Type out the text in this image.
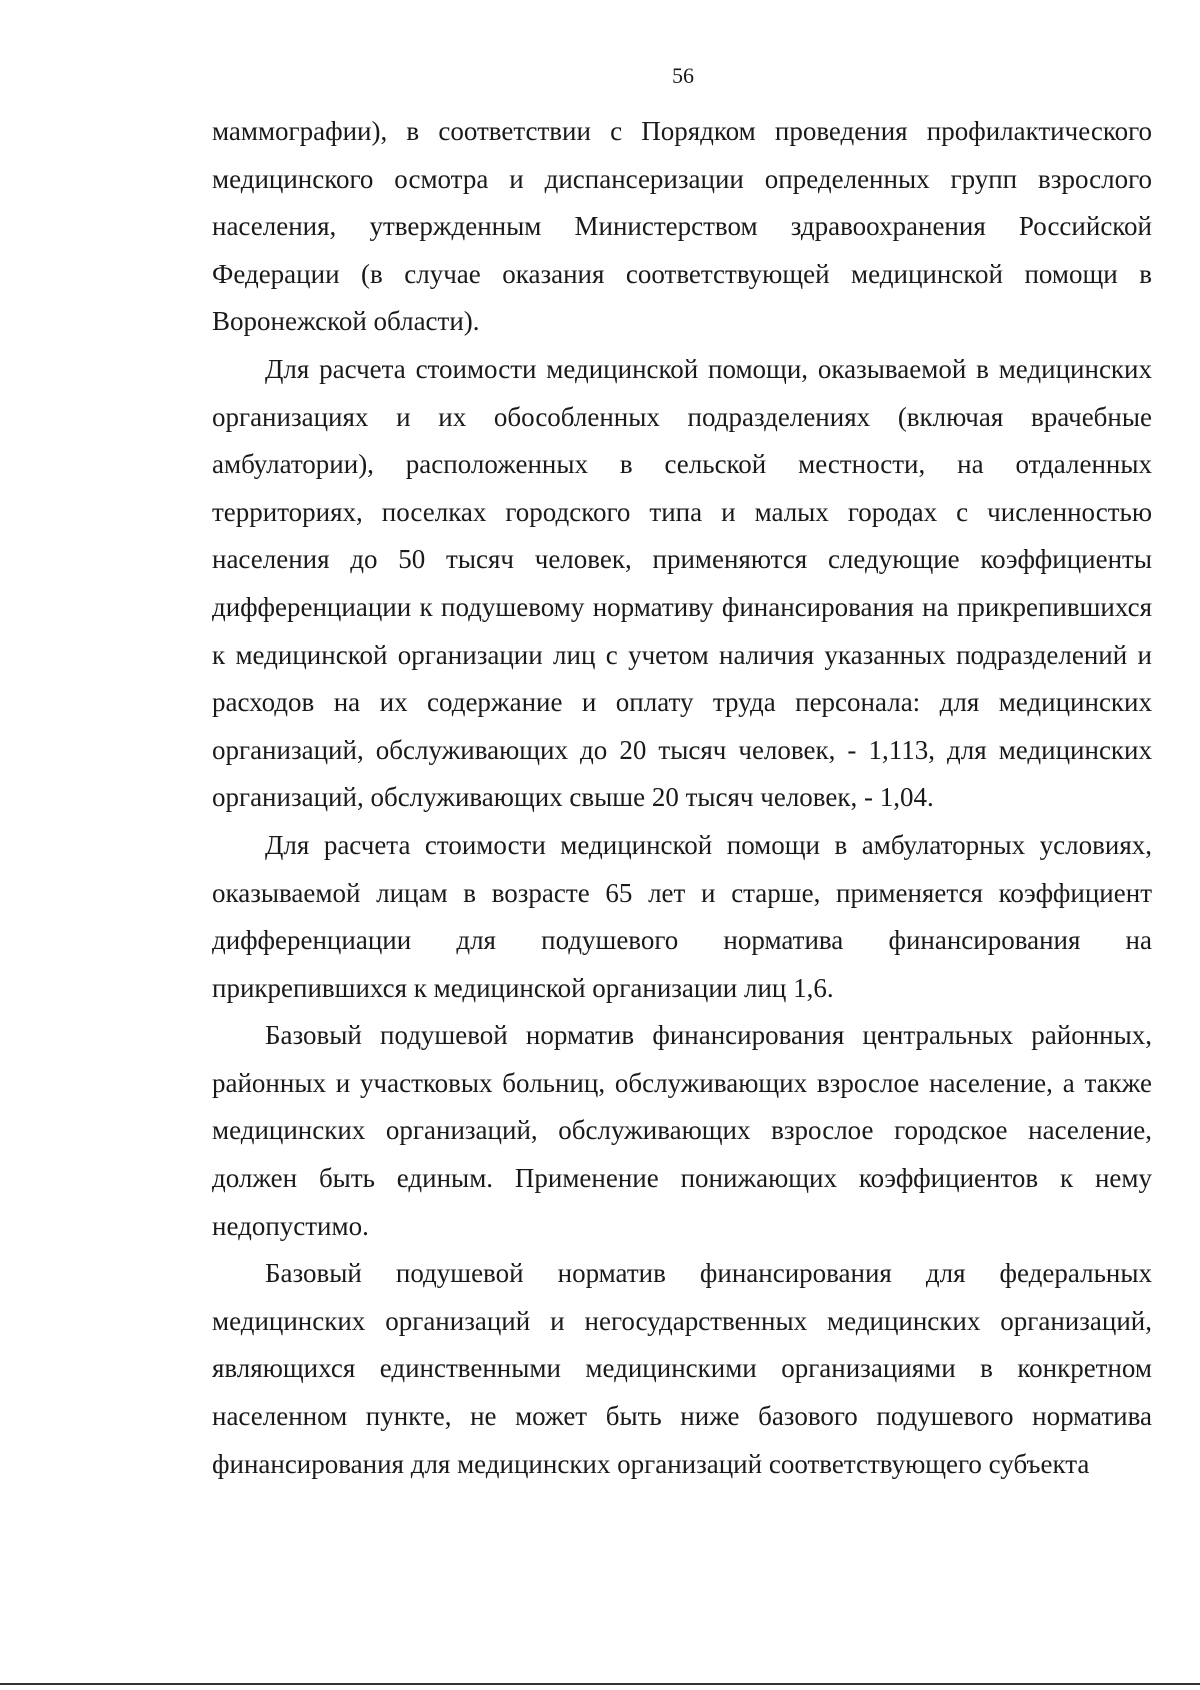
56

маммографии), в соответствии с Порядком проведения профилактического медицинского осмотра и диспансеризации определенных групп взрослого населения, утвержденным Министерством здравоохранения Российской Федерации (в случае оказания соответствующей медицинской помощи в Воронежской области).

Для расчета стоимости медицинской помощи, оказываемой в медицинских организациях и их обособленных подразделениях (включая врачебные амбулатории), расположенных в сельской местности, на отдаленных территориях, поселках городского типа и малых городах с численностью населения до 50 тысяч человек, применяются следующие коэффициенты дифференциации к подушевому нормативу финансирования на прикрепившихся к медицинской организации лиц с учетом наличия указанных подразделений и расходов на их содержание и оплату труда персонала: для медицинских организаций, обслуживающих до 20 тысяч человек, - 1,113, для медицинских организаций, обслуживающих свыше 20 тысяч человек, - 1,04.

Для расчета стоимости медицинской помощи в амбулаторных условиях, оказываемой лицам в возрасте 65 лет и старше, применяется коэффициент дифференциации для подушевого норматива финансирования на прикрепившихся к медицинской организации лиц 1,6.

Базовый подушевой норматив финансирования центральных районных, районных и участковых больниц, обслуживающих взрослое население, а также медицинских организаций, обслуживающих взрослое городское население, должен быть единым. Применение понижающих коэффициентов к нему недопустимо.

Базовый подушевой норматив финансирования для федеральных медицинских организаций и негосударственных медицинских организаций, являющихся единственными медицинскими организациями в конкретном населенном пункте, не может быть ниже базового подушевого норматива финансирования для медицинских организаций соответствующего субъекта
